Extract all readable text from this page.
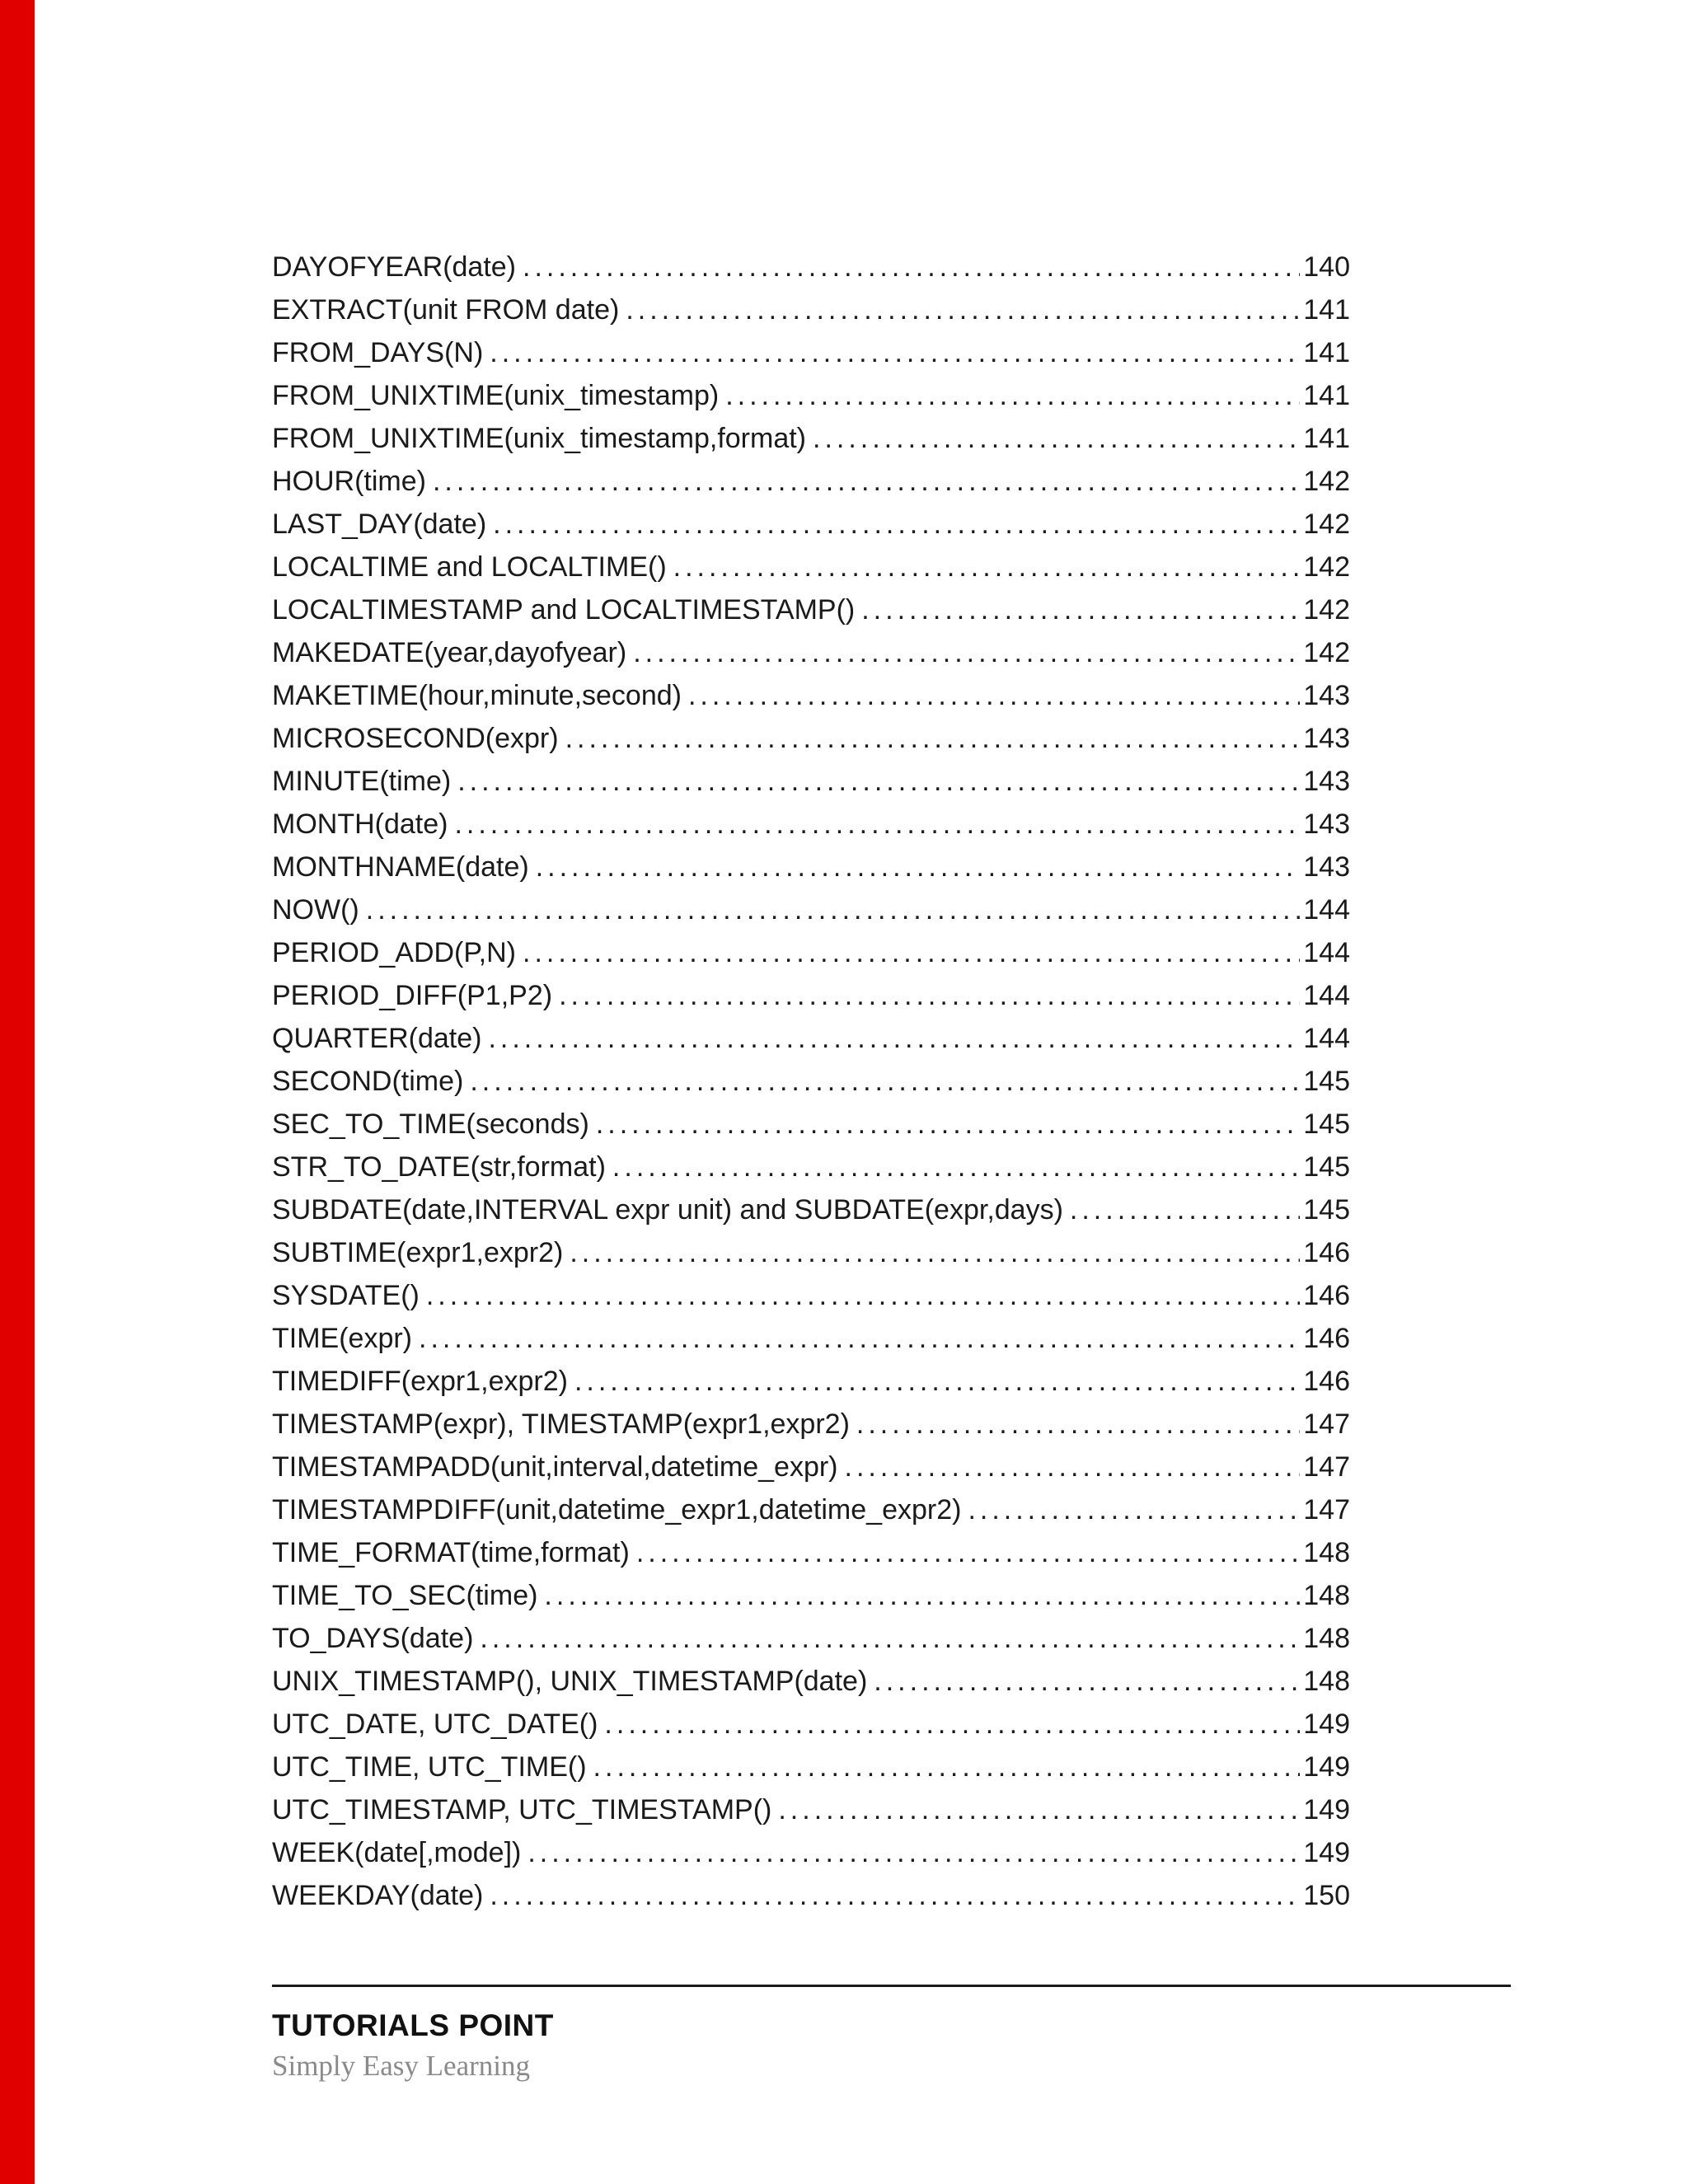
DAYOFYEAR(date) .....	140
EXTRACT(unit FROM date) .....	141
FROM_DAYS(N) .....	141
FROM_UNIXTIME(unix_timestamp) .....	141
FROM_UNIXTIME(unix_timestamp,format) .....	141
HOUR(time) .....	142
LAST_DAY(date) .....	142
LOCALTIME and LOCALTIME() .....	142
LOCALTIMESTAMP and LOCALTIMESTAMP() .....	142
MAKEDATE(year,dayofyear) .....	142
MAKETIME(hour,minute,second) .....	143
MICROSECOND(expr) .....	143
MINUTE(time) .....	143
MONTH(date) .....	143
MONTHNAME(date) .....	143
NOW() .....	144
PERIOD_ADD(P,N) .....	144
PERIOD_DIFF(P1,P2) .....	144
QUARTER(date) .....	144
SECOND(time) .....	145
SEC_TO_TIME(seconds) .....	145
STR_TO_DATE(str,format) .....	145
SUBDATE(date,INTERVAL expr unit) and SUBDATE(expr,days) .....	145
SUBTIME(expr1,expr2) .....	146
SYSDATE() .....	146
TIME(expr) .....	146
TIMEDIFF(expr1,expr2) .....	146
TIMESTAMP(expr), TIMESTAMP(expr1,expr2) .....	147
TIMESTAMPADD(unit,interval,datetime_expr) .....	147
TIMESTAMPDIFF(unit,datetime_expr1,datetime_expr2) .....	147
TIME_FORMAT(time,format) .....	148
TIME_TO_SEC(time) .....	148
TO_DAYS(date) .....	148
UNIX_TIMESTAMP(), UNIX_TIMESTAMP(date) .....	148
UTC_DATE, UTC_DATE() .....	149
UTC_TIME, UTC_TIME() .....	149
UTC_TIMESTAMP, UTC_TIMESTAMP() .....	149
WEEK(date[,mode]) .....	149
WEEKDAY(date) .....	150
TUTORIALS POINT
Simply Easy Learning
